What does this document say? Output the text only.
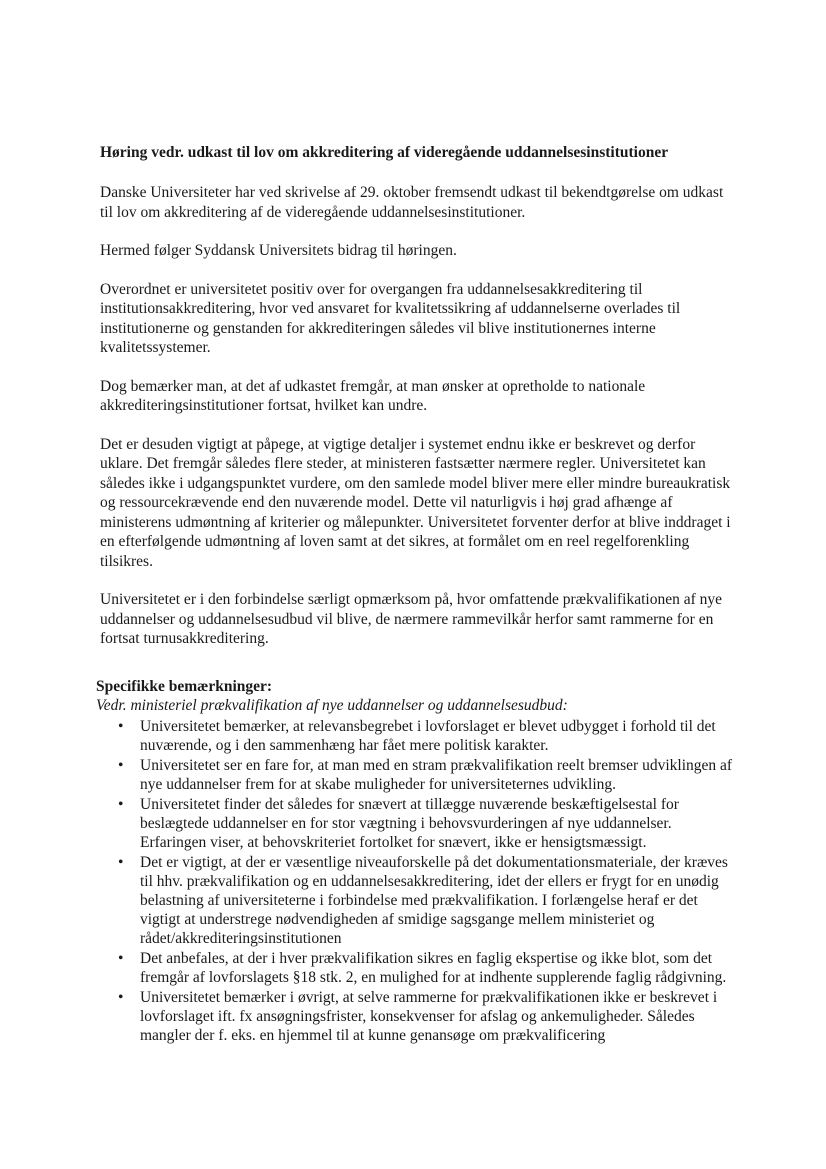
Høring vedr. udkast til lov om akkreditering af videregående uddannelsesinstitutioner

Danske Universiteter har ved skrivelse af 29. oktober fremsendt udkast til bekendtgørelse om udkast til lov om akkreditering af de videregående uddannelsesinstitutioner.

Hermed følger Syddansk Universitets bidrag til høringen.

Overordnet er universitetet positiv over for overgangen fra uddannelsesakkreditering til institutionsakkreditering, hvor ved ansvaret for kvalitetssikring af uddannelserne overlades til institutionerne og genstanden for akkrediteringen således vil blive institutionernes interne kvalitetssystemer.

Dog bemærker man, at det af udkastet fremgår, at man ønsker at opretholde to nationale akkrediteringsinstitutioner fortsat, hvilket kan undre.

Det er desuden vigtigt at påpege, at vigtige detaljer i systemet endnu ikke er beskrevet og derfor uklare. Det fremgår således flere steder, at ministeren fastsætter nærmere regler. Universitetet kan således ikke i udgangspunktet vurdere, om den samlede model bliver mere eller mindre bureaukratisk og ressourcekrævende end den nuværende model. Dette vil naturligvis i høj grad afhænge af ministerens udmøntning af kriterier og målepunkter. Universitetet forventer derfor at blive inddraget i en efterfølgende udmøntning af loven samt at det sikres, at formålet om en reel regelforenkling tilsikres.

Universitetet er i den forbindelse særligt opmærksom på, hvor omfattende prækvalifikationen af nye uddannelser og uddannelsesudbud vil blive, de nærmere rammevilkår herfor samt rammerne for en fortsat turnusakkreditering.

Specifikke bemærkninger:
Vedr. ministeriel prækvalifikation af nye uddannelser og uddannelsesudbud:
• Universitetet bemærker, at relevansbegrebet i lovforslaget er blevet udbygget i forhold til det nuværende, og i den sammenhæng har fået mere politisk karakter.
• Universitetet ser en fare for, at man med en stram prækvalifikation reelt bremser udviklingen af nye uddannelser frem for at skabe muligheder for universiteternes udvikling.
• Universitetet finder det således for snævert at tillægge nuværende beskæftigelsestal for beslægtede uddannelser en for stor vægtning i behovsvurderingen af nye uddannelser. Erfaringen viser, at behovskriteriet fortolket for snævert, ikke er hensigtsmæssigt.
• Det er vigtigt, at der er væsentlige niveauforskelle på det dokumentationsmateriale, der kræves til hhv. prækvalifikation og en uddannelsesakkreditering, idet der ellers er frygt for en unødig belastning af universiteterne i forbindelse med prækvalifikation. I forlængelse heraf er det vigtigt at understrege nødvendigheden af smidige sagsgange mellem ministeriet og rådet/akkrediteringsinstitutionen
• Det anbefales, at der i hver prækvalifikation sikres en faglig ekspertise og ikke blot, som det fremgår af lovforslagets §18 stk. 2, en mulighed for at indhente supplerende faglig rådgivning.
• Universitetet bemærker i øvrigt, at selve rammerne for prækvalifikationen ikke er beskrevet i lovforslaget ift. fx ansøgningsfrister, konsekvenser for afslag og ankemuligheder. Således mangler der f. eks. en hjemmel til at kunne genansøge om prækvalificering
